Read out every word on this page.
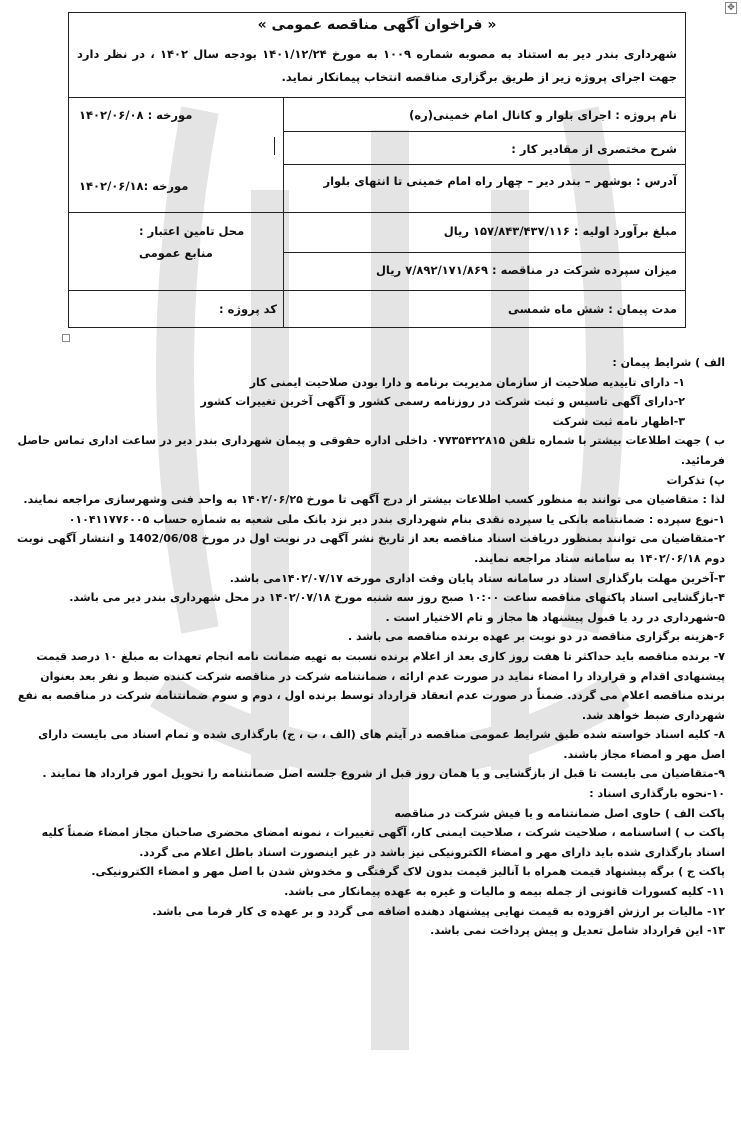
✥
« فراخوان آگهی مناقصه عمومی »
شهرداری بندر دیر به استناد به مصوبه شماره ۱۰۰۹ به مورخ ۱۴۰۱/۱۲/۲۴ بودجه سال ۱۴۰۲ ، در نظر دارد جهت اجرای پروژه زیر از طریق برگزاری مناقصه انتخاب پیمانکار نماید.
نام پروژه : اجرای بلوار و کانال امام خمینی(ره)
مورخه : ۱۴۰۲/۰۶/۰۸
شرح مختصری از مقادیر کار :
آدرس : بوشهر – بندر دیر – چهار راه امام خمینی تا انتهای بلوار
مورخه :۱۴۰۲/۰۶/۱۸
مبلغ برآورد اولیه : ۱۵۷/۸۴۳/۴۳۷/۱۱۶ ریال
محل تامین اعتبار :
منابع عمومی
میزان سپرده شرکت در مناقصه : ۷/۸۹۲/۱۷۱/۸۶۹ ریال
مدت پیمان : شش ماه شمسی
کد پروژه :

الف ) شرایط پیمان :

۱- دارای تاییدیه صلاحیت از سازمان مدیریت برنامه و دارا بودن صلاحیت ایمنی کار

۲-دارای آگهی تاسیس و ثبت شرکت در روزنامه رسمی کشور و آگهی آخرین تغییرات کشور

۳-اظهار نامه ثبت شرکت

ب ) جهت اطلاعات بیشتر با شماره تلفن ۰۷۷۳۵۴۲۲۸۱۵ داخلی اداره حقوقی و پیمان شهرداری بندر دیر در ساعت اداری تماس حاصل فرمائید.

پ) تذکرات

لذا : متقاضیان می توانند به منظور کسب اطلاعات بیشتر از درج آگهی تا مورخ ۱۴۰۲/۰۶/۲۵ به واحد فنی وشهرسازی مراجعه نمایند.

۱-نوع سپرده : ضمانتنامه بانکی یا سپرده نقدی بنام شهرداری بندر دیر نزد بانک ملی شعبه به شماره حساب ۰۱۰۴۱۱۷۷۶۰۰۵

۲-متقاضیان می توانند بمنظور دریافت اسناد مناقصه بعد از تاریخ نشر آگهی در نوبت اول در مورخ 1402/06/08 و انتشار آگهی نوبت دوم ۱۴۰۲/۰۶/۱۸ به سامانه ستاد مراجعه نمایند.

۳-آخرین مهلت بارگذاری اسناد در سامانه ستاد پایان وقت اداری مورخه ۱۴۰۲/۰۷/۱۷می باشد.

۴-بازگشایی اسناد پاکتهای مناقصه ساعت ۱۰:۰۰ صبح روز سه شنبه مورخ ۱۴۰۲/۰۷/۱۸ در محل شهرداری بندر دیر می باشد.

۵-شهرداری در رد یا قبول پیشنهاد ها مجاز و تام الاختیار است .

۶-هزینه برگزاری مناقصه در دو نوبت بر عهده برنده مناقصه می باشد .

۷- برنده مناقصه باید حداکثر تا هفت روز کاری بعد از اعلام برنده نسبت به تهیه ضمانت نامه انجام تعهدات به مبلغ ۱۰ درصد قیمت پیشنهادی اقدام و قرارداد را امضاء نماید در صورت عدم ارائه ، ضمانتنامه شرکت در مناقصه شرکت کننده ضبط و نفر بعد بعنوان برنده مناقصه اعلام می گردد. ضمناً در صورت عدم انعقاد قرارداد توسط برنده اول ، دوم و سوم ضمانتنامه شرکت در مناقصه به نفع شهرداری ضبط خواهد شد.

۸- کلیه اسناد خواسته شده طبق شرایط عمومی مناقصه در آیتم های (الف ، ب ، ج) بارگذاری شده و تمام اسناد می بایست دارای اصل مهر و امضاء مجاز باشند.

۹-متقاضیان می بایست تا قبل از بازگشایی و یا همان روز قبل از شروع جلسه اصل ضمانتنامه را تحویل امور قرارداد ها نمایند .

۱۰-نحوه بارگذاری اسناد :

پاکت الف ) حاوی اصل ضمانتنامه و یا فیش شرکت در مناقصه

پاکت ب ) اساسنامه ، صلاحیت شرکت ، صلاحیت ایمنی کار، آگهی تغییرات ، نمونه امضای محضری صاحبان مجاز امضاء ضمناً کلیه اسناد بارگذاری شده باید دارای مهر و امضاء الکترونیکی نیز باشد در غیر اینصورت اسناد باطل اعلام می گردد.

پاکت ج ) برگه پیشنهاد قیمت همراه با آنالیز قیمت بدون لاک گرفتگی و مخدوش شدن با اصل مهر و امضاء الکترونیکی.

۱۱- کلیه کسورات قانونی از جمله بیمه و مالیات و غیره به عهده پیمانکار می باشد.

۱۲- مالیات بر ارزش افزوده به قیمت نهایی پیشنهاد دهنده اضافه می گردد و بر عهده ی کار فرما می باشد.

۱۳- این قرارداد شامل تعدیل و پیش پرداخت نمی باشد.
